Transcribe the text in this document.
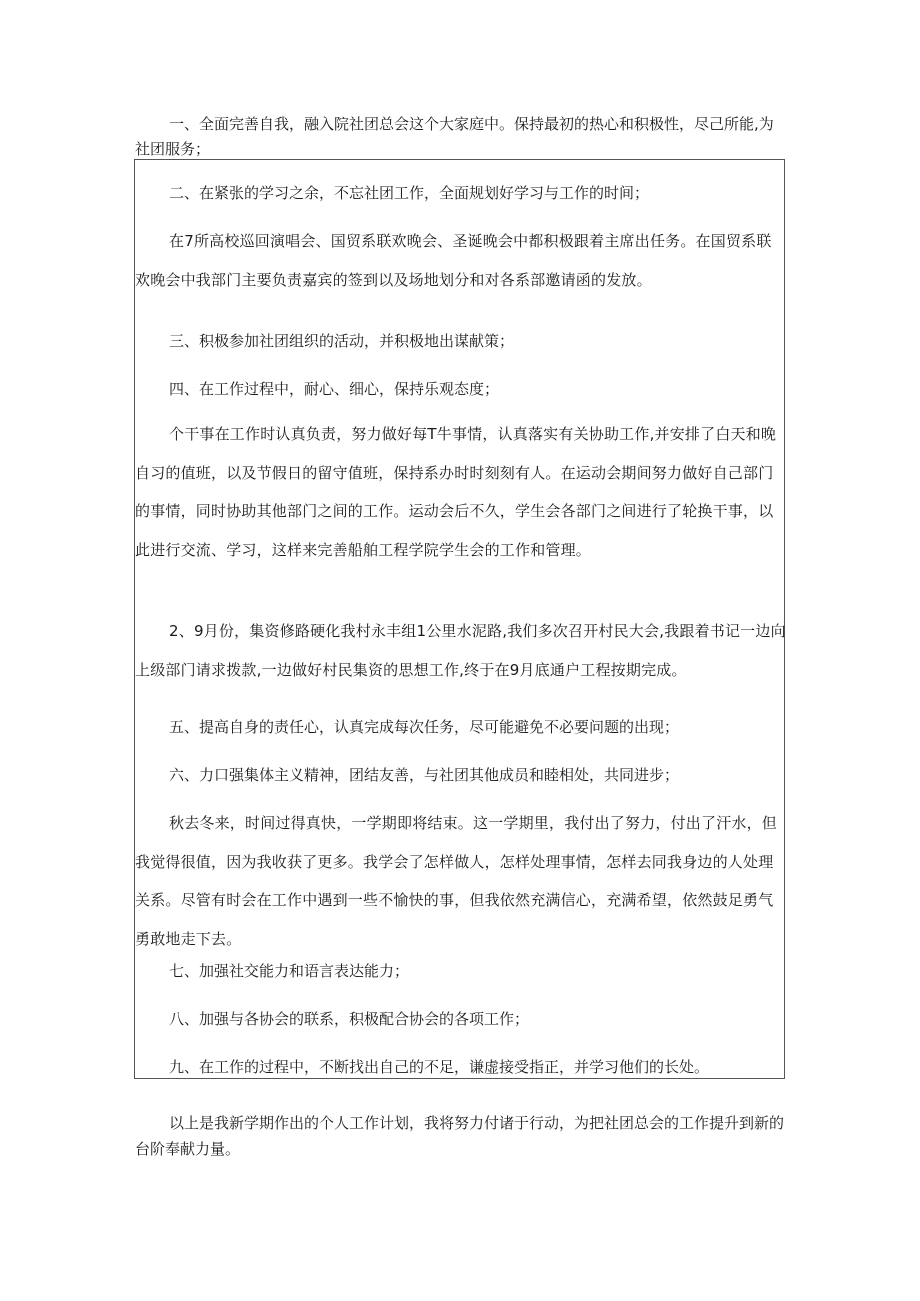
一、全面完善自我，融入院社团总会这个大家庭中。保持最初的热心和积极性，尽己所能,为社团服务；

二、在紧张的学习之余，不忘社团工作，全面规划好学习与工作的时间；

在7所高校巡回演唱会、国贸系联欢晚会、圣诞晚会中都积极跟着主席出任务。在国贸系联欢晚会中我部门主要负责嘉宾的签到以及场地划分和对各系部邀请函的发放。

三、积极参加社团组织的活动，并积极地出谋献策；

四、在工作过程中，耐心、细心，保持乐观态度；

个干事在工作时认真负责，努力做好每T牛事情，认真落实有关协助工作,并安排了白天和晚自习的值班，以及节假日的留守值班，保持系办时时刻刻有人。在运动会期间努力做好自己部门的事情，同时协助其他部门之间的工作。运动会后不久，学生会各部门之间进行了轮换干事，以此进行交流、学习，这样来完善船舶工程学院学生会的工作和管理。

2、9月份，集资修路硬化我村永丰组1公里水泥路,我们多次召开村民大会,我跟着书记一边向上级部门请求拨款,一边做好村民集资的思想工作,终于在9月底通户工程按期完成。

五、提高自身的责任心，认真完成每次任务，尽可能避免不必要问题的出现；

六、力口强集体主义精神，团结友善，与社团其他成员和睦相处，共同进步；

秋去冬来，时间过得真快，一学期即将结束。这一学期里，我付出了努力，付出了汗水，但我觉得很值，因为我收获了更多。我学会了怎样做人，怎样处理事情，怎样去同我身边的人处理关系。尽管有时会在工作中遇到一些不愉快的事，但我依然充满信心，充满希望，依然鼓足勇气勇敢地走下去。

七、加强社交能力和语言表达能力；

八、加强与各协会的联系，积极配合协会的各项工作；

九、在工作的过程中，不断找出自己的不足，谦虚接受指正，并学习他们的长处。

以上是我新学期作出的个人工作计划，我将努力付诸于行动，为把社团总会的工作提升到新的台阶奉献力量。
